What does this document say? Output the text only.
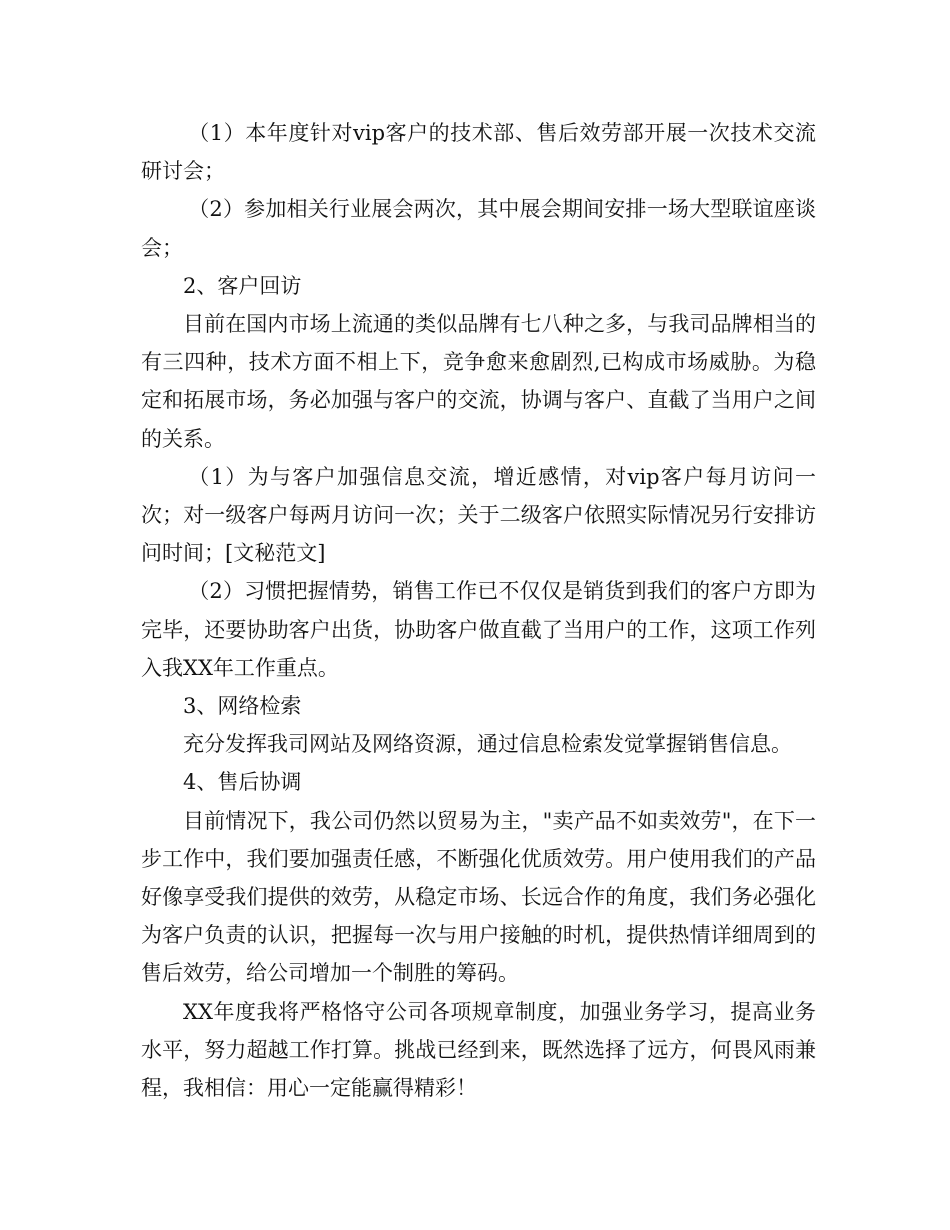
（1）本年度针对vip客户的技术部、售后效劳部开展一次技术交流研讨会；

（2）参加相关行业展会两次，其中展会期间安排一场大型联谊座谈会；

2、客户回访

目前在国内市场上流通的类似品牌有七八种之多，与我司品牌相当的有三四种，技术方面不相上下，竞争愈来愈剧烈,已构成市场威胁。为稳定和拓展市场，务必加强与客户的交流，协调与客户、直截了当用户之间的关系。

（1）为与客户加强信息交流，增近感情，对vip客户每月访问一次；对一级客户每两月访问一次；关于二级客户依照实际情况另行安排访问时间；[文秘范文]

（2）习惯把握情势，销售工作已不仅仅是销货到我们的客户方即为完毕，还要协助客户出货，协助客户做直截了当用户的工作，这项工作列入我XX年工作重点。

3、网络检索

充分发挥我司网站及网络资源，通过信息检索发觉掌握销售信息。

4、售后协调

目前情况下，我公司仍然以贸易为主，"卖产品不如卖效劳"，在下一步工作中，我们要加强责任感，不断强化优质效劳。用户使用我们的产品好像享受我们提供的效劳，从稳定市场、长远合作的角度，我们务必强化为客户负责的认识，把握每一次与用户接触的时机，提供热情详细周到的售后效劳，给公司增加一个制胜的筹码。

XX年度我将严格恪守公司各项规章制度，加强业务学习，提高业务水平，努力超越工作打算。挑战已经到来，既然选择了远方，何畏风雨兼程，我相信：用心一定能赢得精彩！
